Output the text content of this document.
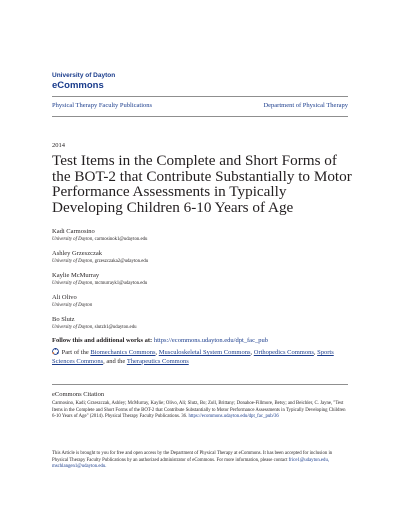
University of Dayton
eCommons
Physical Therapy Faculty Publications	Department of Physical Therapy
2014
Test Items in the Complete and Short Forms of the BOT-2 that Contribute Substantially to Motor Performance Assessments in Typically Developing Children 6-10 Years of Age
Kadi Carmosino
University of Dayton, carmosinok1@udayton.edu
Ashley Grzeszczak
University of Dayton, grzeszczaka2@udayton.edu
Kaylie McMurray
University of Dayton, mcmurrayk1@udayton.edu
Ali Olivo
University of Dayton
Bo Slutz
University of Dayton, slutzb1@udayton.edu
Follow this and additional works at: https://ecommons.udayton.edu/dpt_fac_pub
Part of the Biomechanics Commons, Musculoskeletal System Commons, Orthopedics Commons, Sports Sciences Commons, and the Therapeutics Commons
eCommons Citation
Carmosino, Kadi; Grzeszczak, Ashley; McMurray, Kaylie; Olivo, Ali; Slutz, Bo; Zoll, Brittany; Donahoe-Fillmore, Betsy; and Beichler, C. Jayne, "Test Items in the Complete and Short Forms of the BOT-2 that Contribute Substantially to Motor Performance Assessments in Typically Developing Children 6-10 Years of Age" (2014). Physical Therapy Faculty Publications. 36. https://ecommons.udayton.edu/dpt_fac_pub/36
This Article is brought to you for free and open access by the Department of Physical Therapy at eCommons. It has been accepted for inclusion in Physical Therapy Faculty Publications by an authorized administrator of eCommons. For more information, please contact frice1@udayton.edu, mschlangen1@udayton.edu.
